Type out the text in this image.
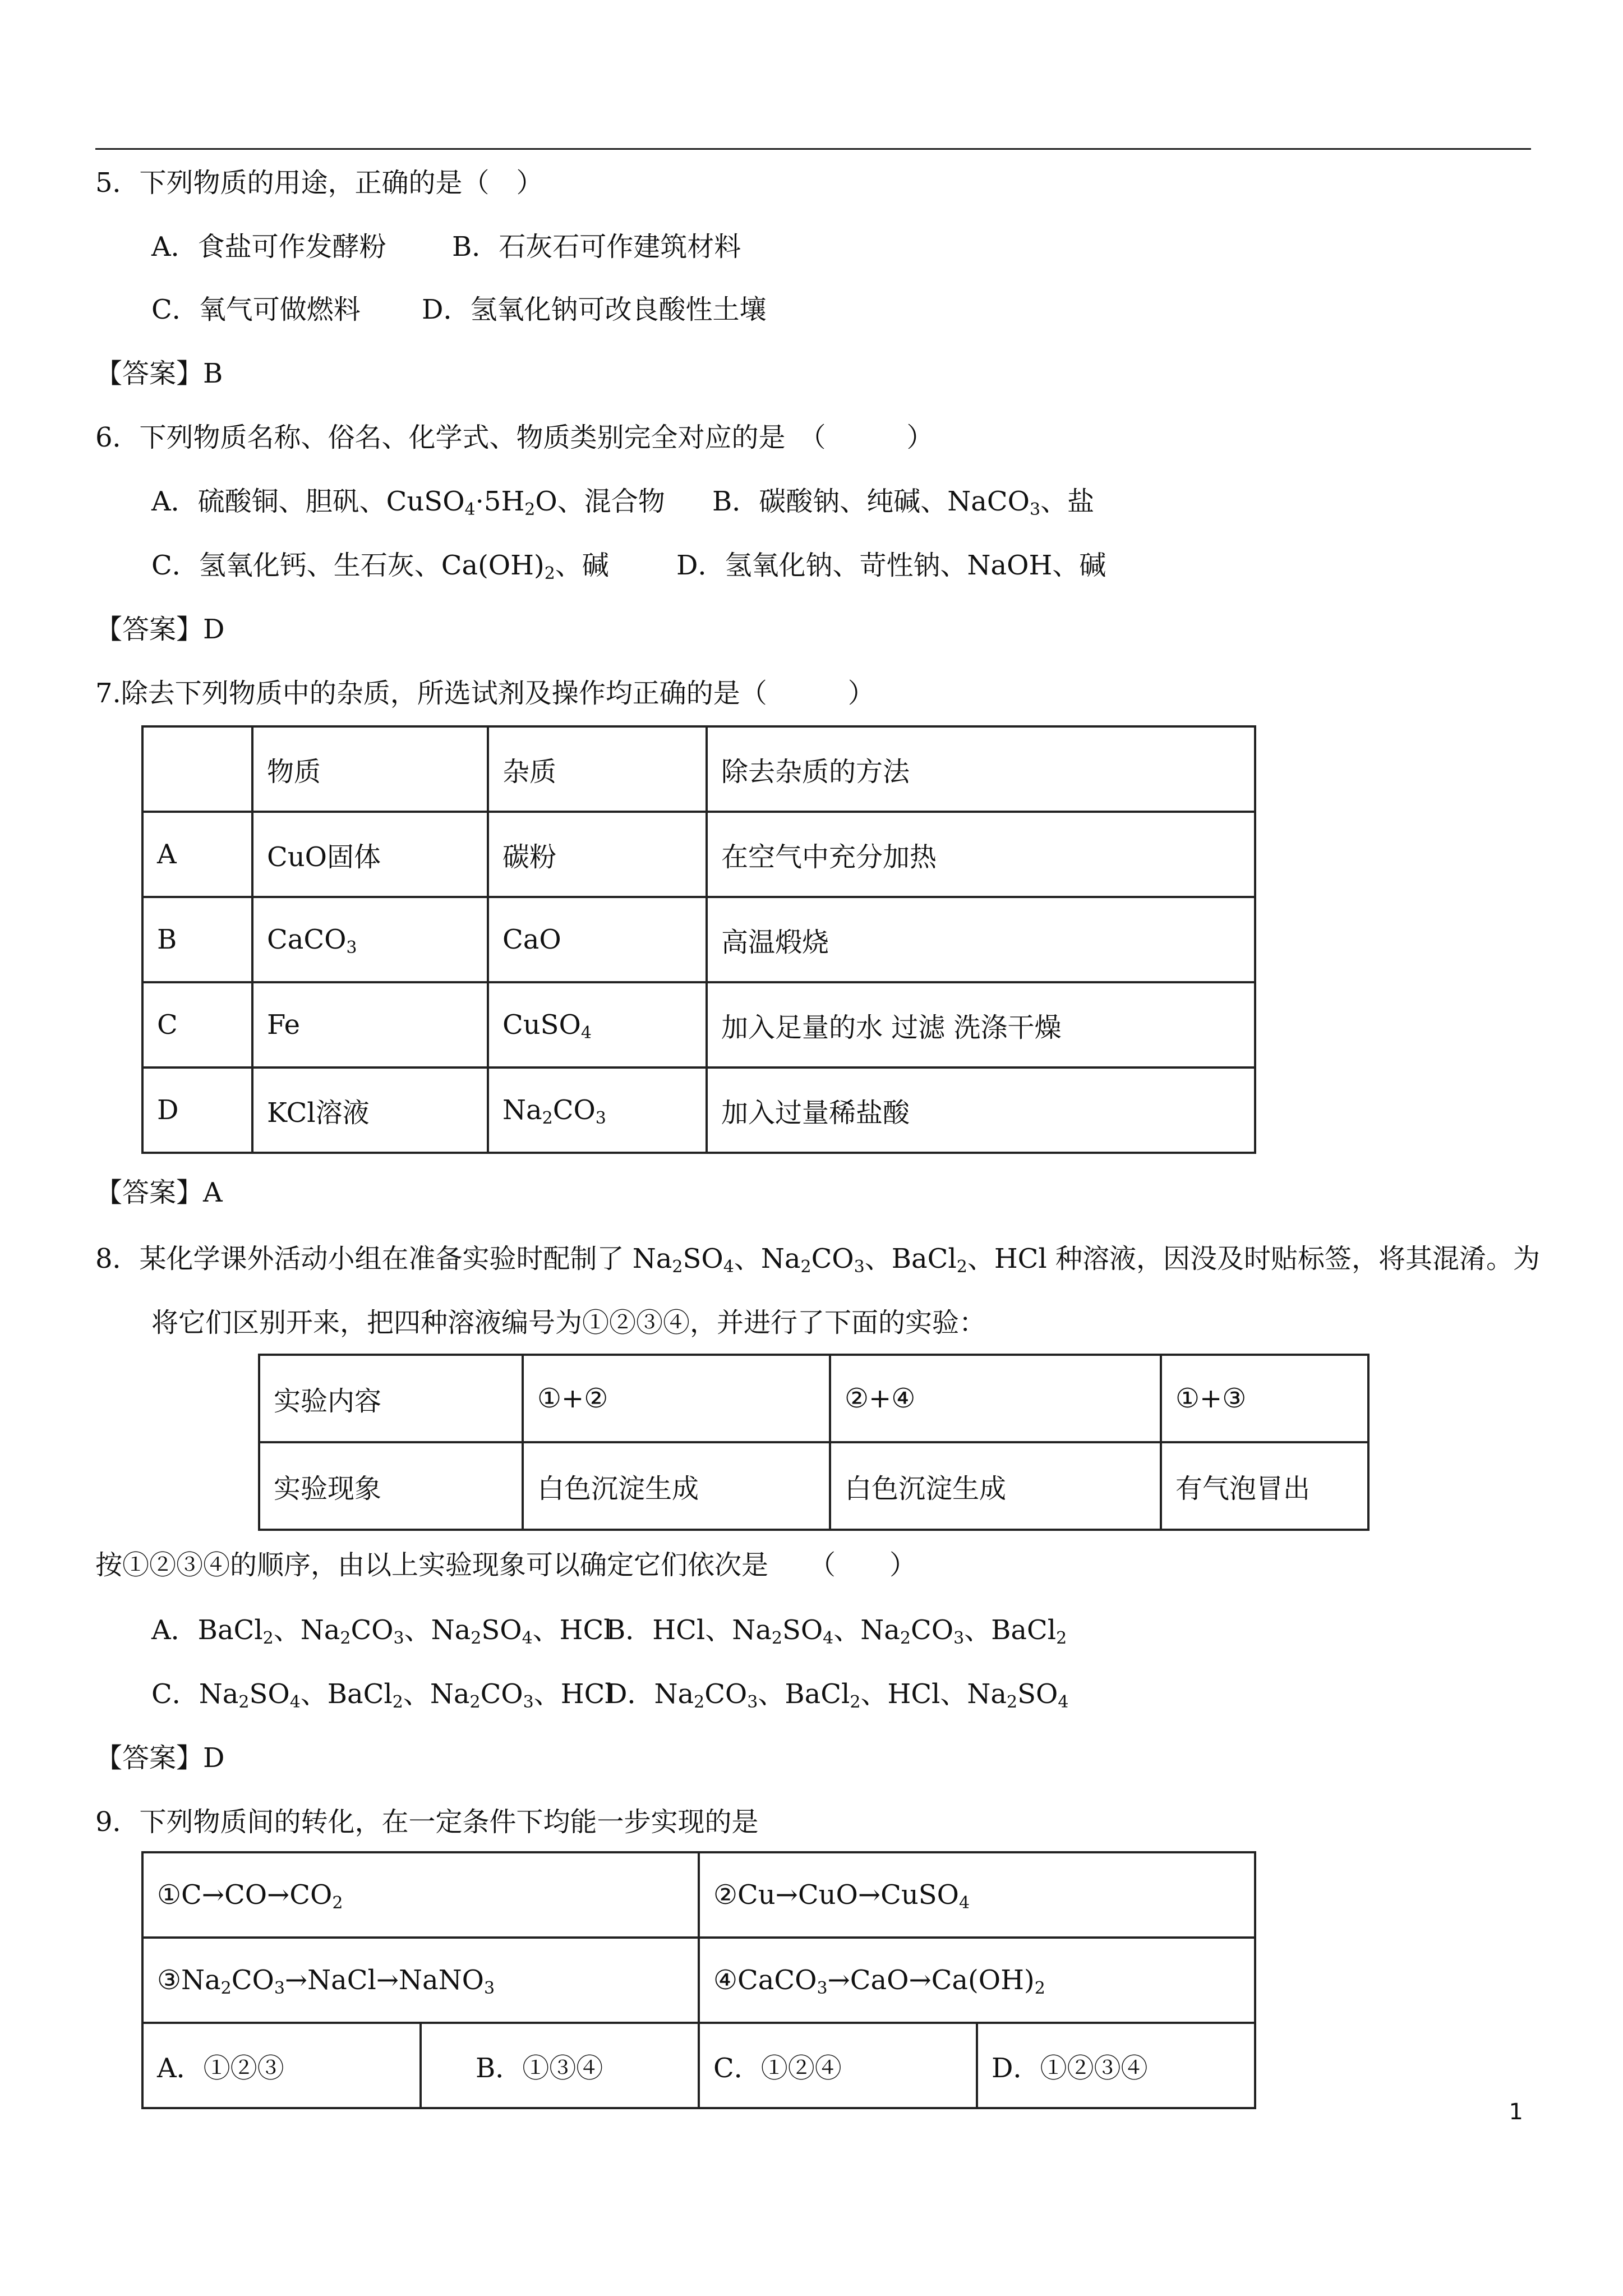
5．下列物质的用途，正确的是（　）
A．食盐可作发酵粉 B．石灰石可作建筑材料
C．氧气可做燃料 D．氢氧化钠可改良酸性土壤
【答案】B
6．下列物质名称、俗名、化学式、物质类别完全对应的是　（　　　）
A．硫酸铜、胆矾、$CuSO_4\cdot 5H_2O$、混合物 B．碳酸钠、纯碱、NaCO$_3$、盐
C．氢氧化钙、生石灰、$Ca(OH)_2$、碱	D．氢氧化钠、苛性钠、NaOH、碱
【答案】D
7.除去下列物质中的杂质，所选试剂及操作均正确的是（　　　）
	物质	杂质	除去杂质的方法
A	CuO固体	碳粉	在空气中充分加热
B	CaCO$_3$	CaO	高温煅烧
C	Fe	CuSO$_4$	加入足量的水 过滤 洗涤干燥
D	KCl溶液	$Na_2CO_3$	加入过量稀盐酸
【答案】A
8．某化学课外活动小组在准备实验时配制了 $Na_2SO_4$、$Na_2CO_3$、BaCl$_2$、HCl 种溶液，因没及时贴标签，将其混淆。为
将它们区别开来，把四种溶液编号为①②③④，并进行了下面的实验：
实验内容	①+②	②+④	①+③
实验现象	白色沉淀生成	白色沉淀生成	有气泡冒出
按①②③④的顺序，由以上实验现象可以确定它们依次是　　（　　）
A．BaCl$_2$、$Na_2CO_3$、$Na_2SO_4$、HCl
B．HCl、$Na_2SO_4$、$Na_2CO_3$、BaCl$_2$
C．$Na_2SO_4$、BaCl$_2$、$Na_2CO_3$、HCl
D．$Na_2CO_3$、BaCl$_2$、HCl、$Na_2SO_4$
【答案】D
9．下列物质间的转化，在一定条件下均能一步实现的是
$①C\to CO\to CO_2$		②Cu→CuO→CuSO$_4$
$③Na_2CO_3\to NaCl\to NaNO_3$		$④CaCO_3\to CaO\to Ca(OH)_2$
A．①②③	B．①③④	C．①②④	D．①②③④
1
